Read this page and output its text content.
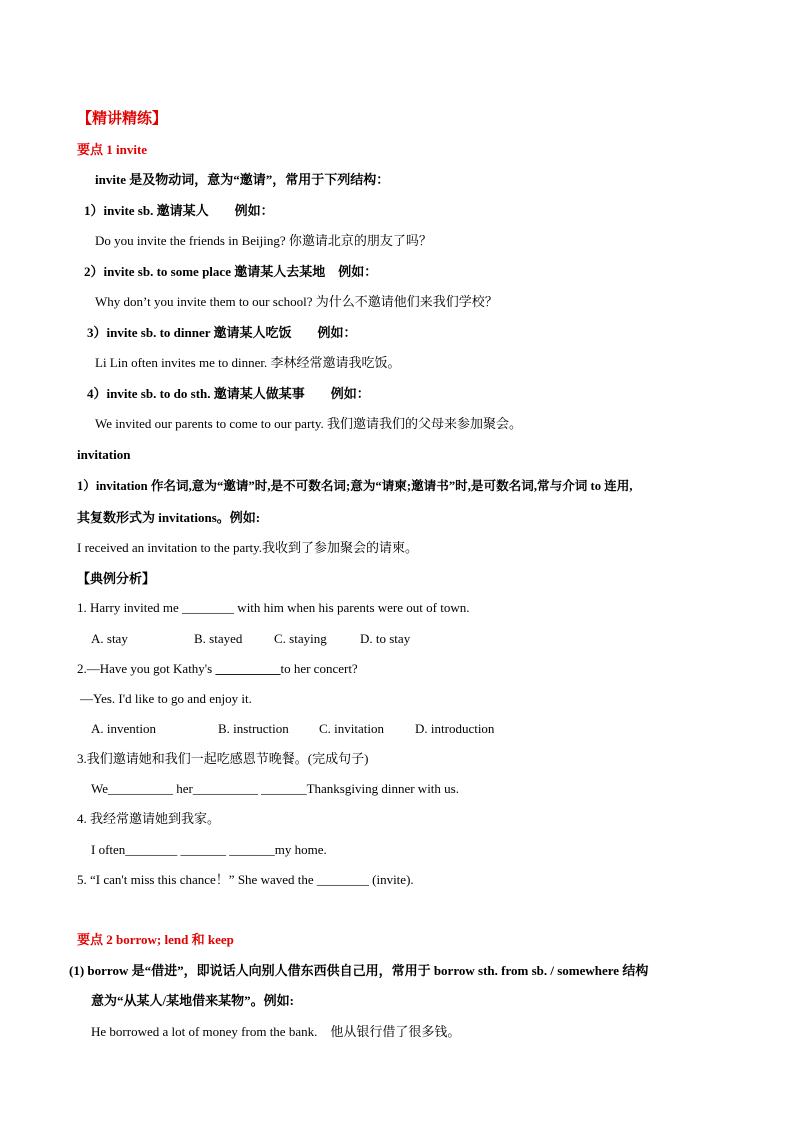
【精讲精练】
要点 1 invite
invite 是及物动词，意为“邀请”，常用于下列结构：
1）invite sb. 邀请某人　　例如：
Do you invite the friends in Beijing? 你邀请北京的朋友了吗？
2）invite sb. to some place 邀请某人去某地　例如：
Why don’t you invite them to our school? 为什么不邀请他们来我们学校？
3）invite sb. to dinner 邀请某人吃饭　　例如：
Li Lin often invites me to dinner. 李林经常邀请我吃饭。
4）invite sb. to do sth. 邀请某人做某事　　例如：
We invited our parents to come to our party. 我们邀请我们的父母来参加聚会。
invitation
1）invitation 作名词,意为“邀请”时,是不可数名词;意为“请柬;邀请书”时,是可数名词,常与介词 to 连用,
其复数形式为 invitations。例如:
I received an invitation to the party.我收到了参加聚会的请柬。
【典例分析】
1. Harry invited me ________ with him when his parents were out of town.
A. stay	B. stayed C. staying	D. to stay
2.—Have you got Kathy's __________to her concert?
—Yes. I'd like to go and enjoy it.
A. invention	B. instruction C. invitation D. introduction
3.我们邀请她和我们一起吃感恩节晚餐。(完成句子)
We__________ her__________ _______Thanksgiving dinner with us.
4. 我经常邀请她到我家。
I often________ _______ _______my home.
5. “I can't miss this chance！” She waved the ________ (invite).
要点 2 borrow; lend 和 keep
(1) borrow 是“借进”，即说话人向别人借东西供自己用，常用于 borrow sth. from sb. / somewhere 结构
意为“从某人/某地借来某物”。例如:
He borrowed a lot of money from the bank.　他从银行借了很多钱。
